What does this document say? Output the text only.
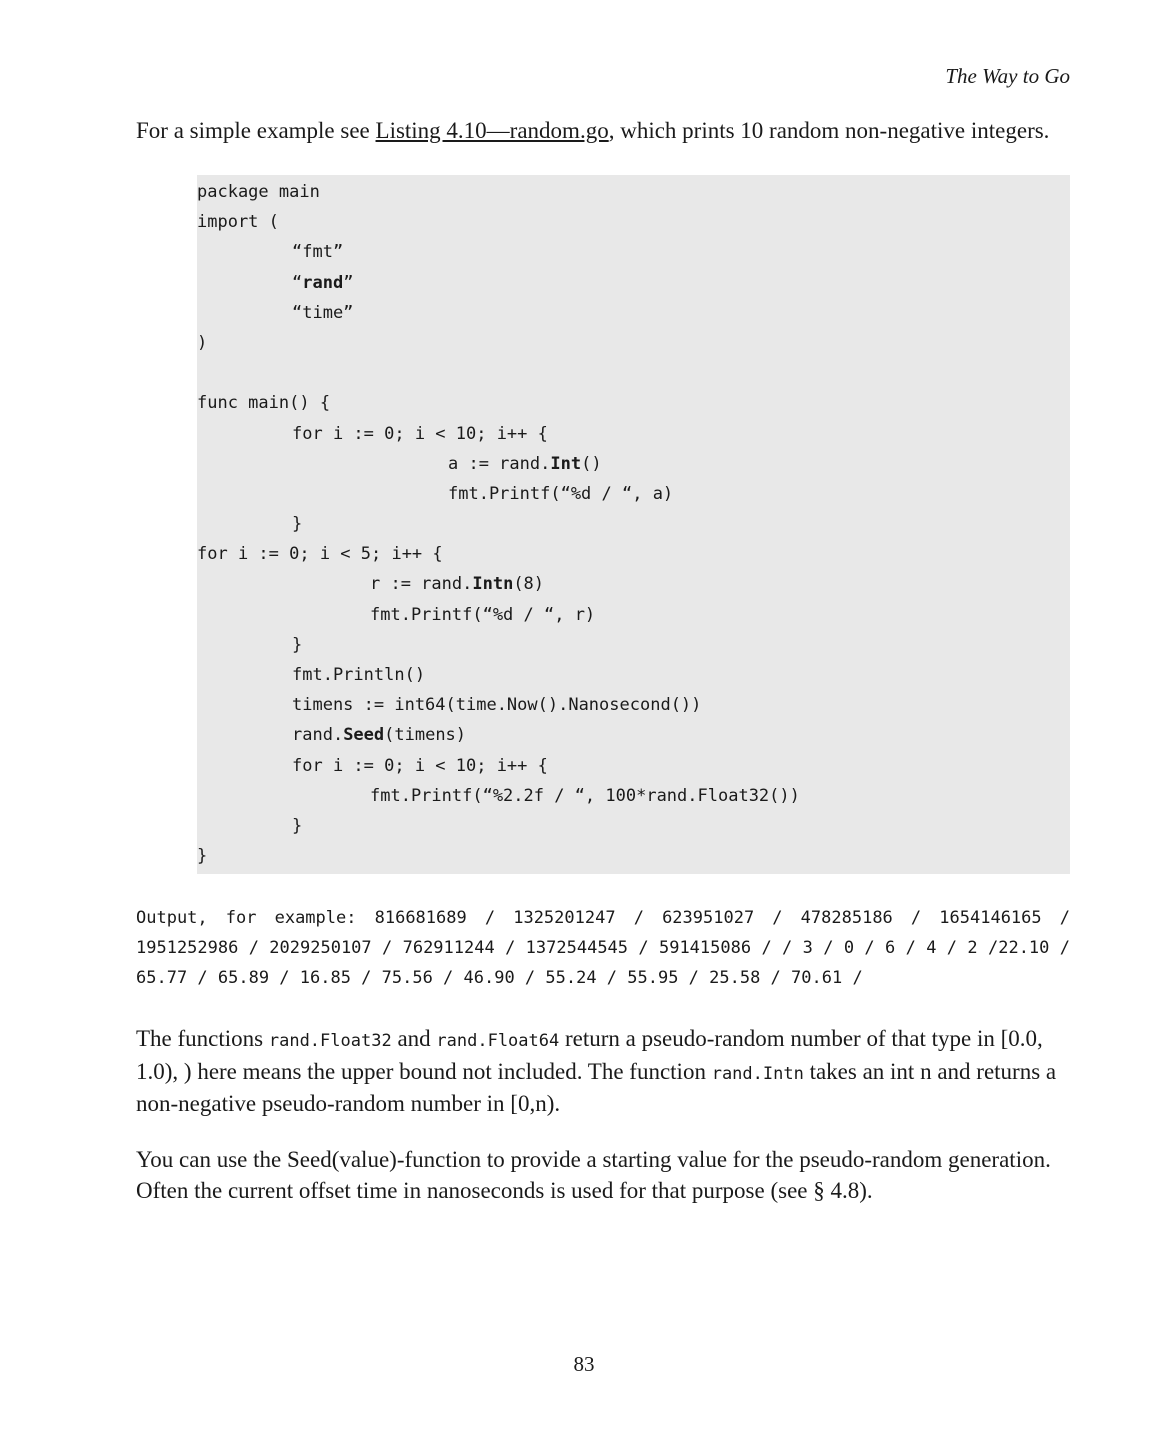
The Way to Go

For a simple example see Listing 4.10—random.go, which prints 10 random non-negative integers.

package main
import (
“fmt”
“rand”
“time”
)
func main() {
for i := 0; i < 10; i++ {
a := rand.Int()
fmt.Printf(“%d / “, a)
}
for i := 0; i < 5; i++ {
r := rand.Intn(8)
fmt.Printf(“%d / “, r)
}
fmt.Println()
timens := int64(time.Now().Nanosecond())
rand.Seed(timens)
for i := 0; i < 10; i++ {
fmt.Printf(“%2.2f / “, 100*rand.Float32())
}
}

Output, for example: 816681689 / 1325201247 / 623951027 / 478285186 / 1654146165 / 1951252986 / 2029250107 / 762911244 / 1372544545 / 591415086 / / 3 / 0 / 6 / 4 / 2 /22.10 / 65.77 / 65.89 / 16.85 / 75.56 / 46.90 / 55.24 / 55.95 / 25.58 / 70.61 /

The functions rand.Float32 and rand.Float64 return a pseudo-random number of that type in [0.0, 1.0), ) here means the upper bound not included. The function rand.Intn takes an int n and returns a non-negative pseudo-random number in [0,n).

You can use the Seed(value)-function to provide a starting value for the pseudo-random generation. Often the current offset time in nanoseconds is used for that purpose (see § 4.8).

83
